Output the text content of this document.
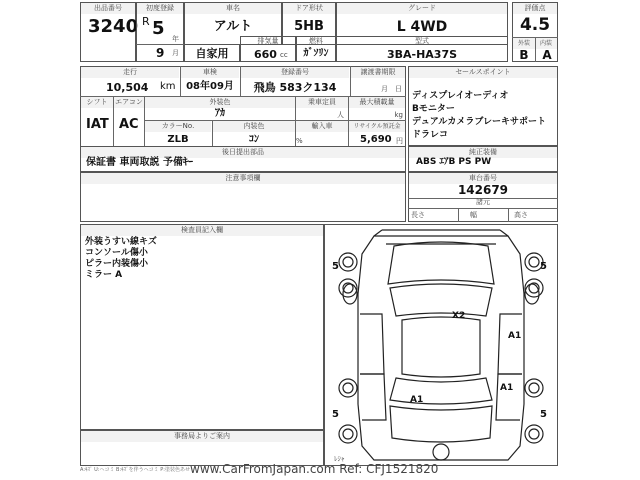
出品番号
3240
初度登録
R 5 年
9 月
車名
アルト
ドア形状
5HB
グレード
L 4WD
評価点
4.5
外装	内装
B	A
自家用
排気量
660 cc
燃料
ｶﾞｿﾘﾝ
型式
3BA-HA37S
走行	車検	登録番号	譲渡書期限
10,504 km	08年09月	飛鳥 583ク134	月　日
シフト	エアコン	外装色	乗車定員	最大積載量
IAT AC
ｱｶ	人	kg
カラーNo.	内装色	輸入車	リサイクル預託金
ZLB	ｺﾝ	%	5,690 円
後日提出部品
保証書 車両取説 予備ｷｰ
セールスポイント
ディスプレイオーディオ
Bモニター
デュアルカメラブレーキサポート
ドラレコ
純正装備
ABS ｴｱB PS PW
注意事項欄	車台番号
142679
諸元
長さ	幅	高さ
検査員記入欄
外装うすい線キズ
コンソール傷小
ピラー内装傷小
ミラー A
事務局よりご案内
5	5
5	5
X2
A1
A1
A1
ﾚｼｬ
A:ｷｽﾞ U:ヘコミ B:ｷｽﾞを伴うヘコミ P:塗装色あせ www.CarFromJapan.com Ref: CFJ1521820
